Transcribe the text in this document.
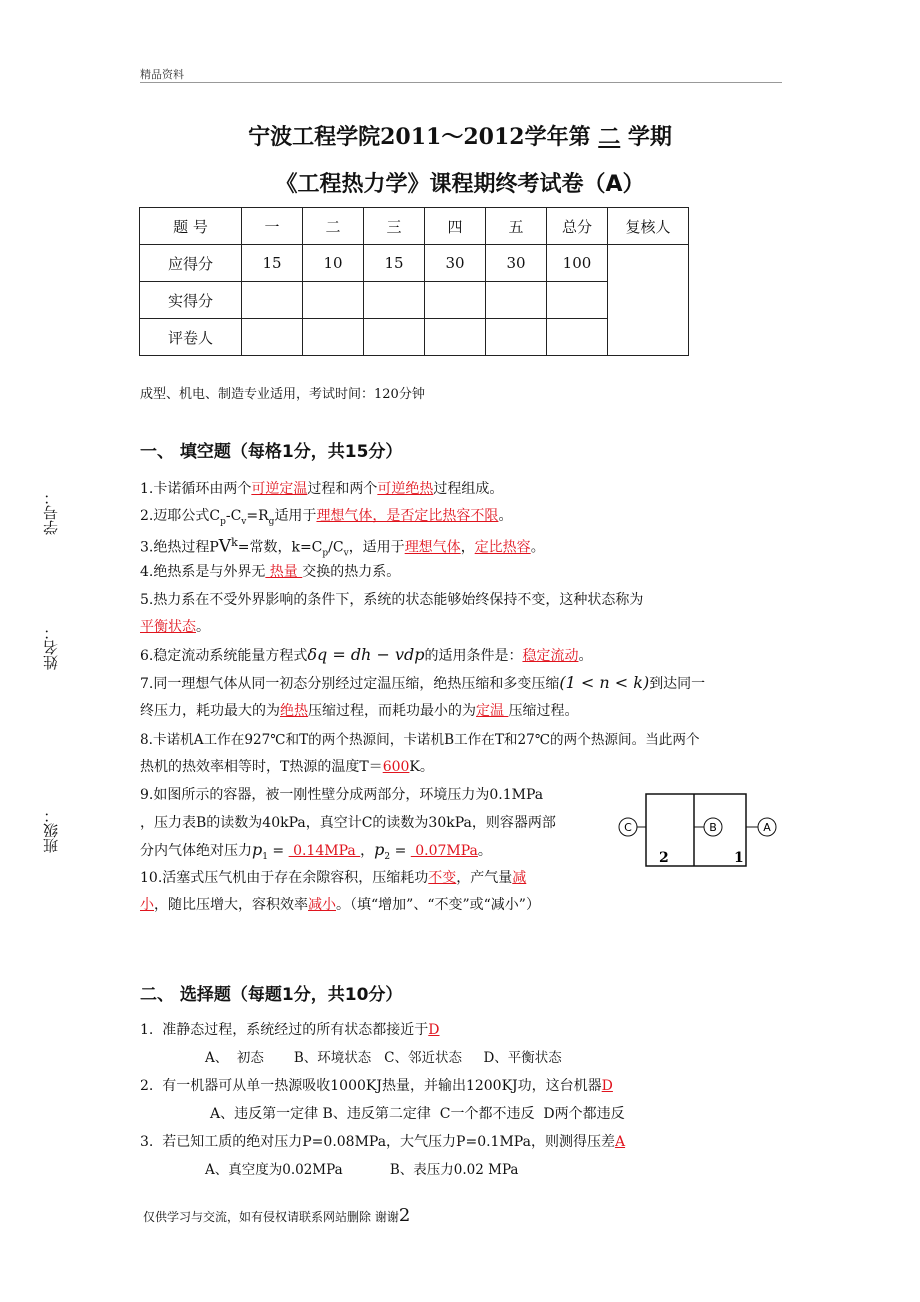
精品资料
宁波工程学院2011～2012学年第 二 学期
《工程热力学》课程期终考试卷（A）
题 号	一	二	三	四	五	总分	复核人
应得分	15	10	15	30	30	100	
实得分							
评卷人							
成型、机电、制造专业适用，考试时间：120分钟
学号：
姓名：
班级：
一、 填空题（每格1分，共15分）
1.卡诺循环由两个可逆定温过程和两个可逆绝热过程组成。
2.迈耶公式$C_p-C_v=R_g$适用于理想气体，是否定比热容不限。
3.绝热过程$PV^k=$常数，$k=C_p/C_v$，适用于理想气体，定比热容。
4.绝热系是与外界无 热量 交换的热力系。
5.热力系在不受外界影响的条件下，系统的状态能够始终保持不变，这种状态称为
平衡状态。
6.稳定流动系统能量方程式δq = dh − vdp的适用条件是：稳定流动。
7.同一理想气体从同一初态分别经过定温压缩，绝热压缩和多变压缩(1 < n < k)到达同一
终压力，耗功最大的为绝热压缩过程，而耗功最小的为定温 压缩过程。
8.卡诺机A工作在927℃和T的两个热源间，卡诺机B工作在T和27℃的两个热源间。当此两个
热机的热效率相等时，T热源的温度T＝600K。
9.如图所示的容器，被一刚性壁分成两部分，环境压力为0.1MPa
，压力表B的读数为40kPa，真空计C的读数为30kPa，则容器两部
分内气体绝对压力$p_1 = 0.14MPa$ ，$p_2 = 0.07MPa$。
10.活塞式压气机由于存在余隙容积，压缩耗功不变，产气量减
小，随比压增大，容积效率减小。（填“增加”、“不变”或“减小”）
C	B	A
2	1
二、 选择题（每题1分，共10分）
1.  准静态过程，系统经过的所有状态都接近于D
A、  初态       B、环境状态   C、邻近状态     D、平衡状态
2.  有一机器可从单一热源吸收1000KJ热量，并输出1200KJ功，这台机器D
A、违反第一定律 B、违反第二定律  C一个都不违反  D两个都违反
3.  若已知工质的绝对压力P=0.08MPa，大气压力P=0.1MPa，则测得压差A
A、真空度为0.02MPa           B、表压力0.02 MPa
仅供学习与交流，如有侵权请联系网站删除 谢谢2
